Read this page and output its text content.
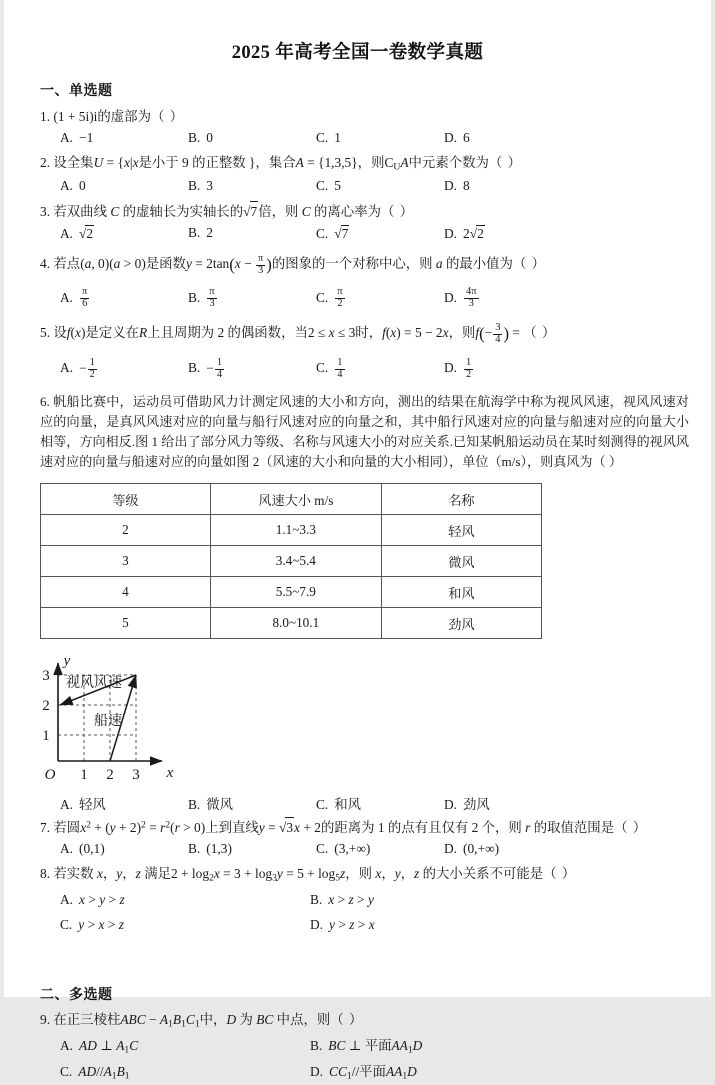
2025 年高考全国一卷数学真题
一、单选题
1. (1 + 5i)i的虚部为（ ）
A. −1	B. 0	C. 1	D. 6
2. 设全集U = {x|x是小于 9 的正整数 }，集合A = {1,3,5}，则$C_UA$中元素个数为（ ）
A. 0	B. 3	C. 5	D. 8
3. 若双曲线 C 的虚轴长为实轴长的√7倍，则 C 的离心率为（ ）
A. √2	B. 2	C. √7	D. 2√2
4. 若点(a, 0)(a > 0)是函数$y = 2\tan(x - \frac{\pi}{3}$ )的图象的一个对称中心，则 a 的最小值为（ ）
A. $\frac{\pi}{6}$	B. $\frac{\pi}{3}$	C. $\frac{\pi}{2}$	D. $\frac{4\pi}{3}$
5. 设f(x)是定义在R上且周期为 2 的偶函数，当2 ≤ x ≤ 3时，f(x) = 5 − 2x，则$f(- \frac{3}{4}$ ) = （ ）
A. − $\frac{1}{2}$	B. − $\frac{1}{4}$	C. $\frac{1}{4}$	D. $\frac{1}{2}$
6. 帆船比赛中，运动员可借助风力计测定风速的大小和方向，测出的结果在航海学中称为视风风速，视风风速对应的向量，是真风风速对应的向量与船行风速对应的向量之和，其中船行风速对应的向量与船速对应的向量大小相等，方向相反.图 1 给出了部分风力等级、名称与风速大小的对应关系.已知某帆船运动员在某时刻测得的视风风速对应的向量与船速对应的向量如图 2（风速的大小和向量的大小相同），单位（m/s），则真风为（ ）
等级	风速大小 m/s	名称
2	1.1~3.3	轻风
3	3.4~5.4	微风
4	5.5~7.9	和风
5	8.0~10.1	劲风
3
2
1
1 2 3
O	x
y
视风风速
船速
A. 轻风	B. 微风	C. 和风	D. 劲风
7. 若圆$x^2 + (y + 2)^2 = r^2(r > 0)$上到直线y = √3x + 2的距离为 1 的点有且仅有 2 个，则 r 的取值范围是（ ）
A. (0,1)	B. (1,3)	C. (3,+∞)	D. (0,+∞)
8. 若实数 x，y，z 满足$2 + \log_2x = 3 + \log_3y = 5 + \log_5z$，则 x，y，z 的大小关系不可能是（ ）
A. x > y > z	B. x > z > y
C. y > x > z	D. y > z > x
二、多选题
9. 在正三棱柱ABC − $A_1B_1C_1$中，D 为 BC 中点，则（ ）
A. AD ⊥ $A_1C$	B. BC ⊥ 平面$AA_1D$
C. $AD//A_1B_1$	D. $CC_1//$平面$AA_1D$
